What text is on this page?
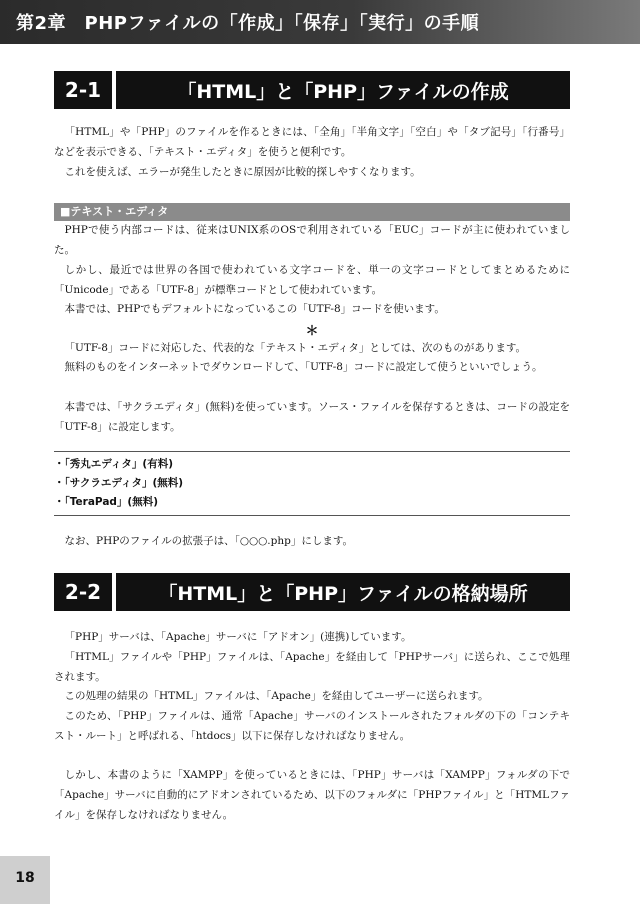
第2章　PHPファイルの「作成」「保存」「実行」の手順
2-1	「HTML」と「PHP」ファイルの作成

「HTML」や「PHP」のファイルを作るときには、「全角」「半角文字」「空白」や「タブ記号」「行番号」などを表示できる、「テキスト・エディタ」を使うと便利です。

これを使えば、エラーが発生したときに原因が比較的探しやすくなります。

■テキスト・エディタ

PHPで使う内部コードは、従来はUNIX系のOSで利用されている「EUC」コードが主に使われていました。

しかし、最近では世界の各国で使われている文字コードを、単一の文字コードとしてまとめるために「Unicode」である「UTF-8」が標準コードとして使われています。

本書では、PHPでもデフォルトになっているこの「UTF-8」コードを使います。

＊

「UTF-8」コードに対応した、代表的な「テキスト・エディタ」としては、次のものがあります。

無料のものをインターネットでダウンロードして、「UTF-8」コードに設定して使うといいでしょう。

本書では、「サクラエディタ」(無料)を使っています。ソース・ファイルを保存するときは、コードの設定を「UTF-8」に設定します。

・「秀丸エディタ」(有料)
・「サクラエディタ」(無料)
・「TeraPad」(無料)

なお、PHPのファイルの拡張子は、「○○○.php」にします。

2-2	「HTML」と「PHP」ファイルの格納場所

「PHP」サーバは、「Apache」サーバに「アドオン」(連携)しています。

「HTML」ファイルや「PHP」ファイルは、「Apache」を経由して「PHPサーバ」に送られ、ここで処理されます。

この処理の結果の「HTML」ファイルは、「Apache」を経由してユーザーに送られます。

このため、「PHP」ファイルは、通常「Apache」サーバのインストールされたフォルダの下の「コンテキスト・ルート」と呼ばれる、「htdocs」以下に保存しなければなりません。

しかし、本書のように「XAMPP」を使っているときには、「PHP」サーバは「XAMPP」フォルダの下で「Apache」サーバに自動的にアドオンされているため、以下のフォルダに「PHPファイル」と「HTMLファイル」を保存しなければなりません。

18
